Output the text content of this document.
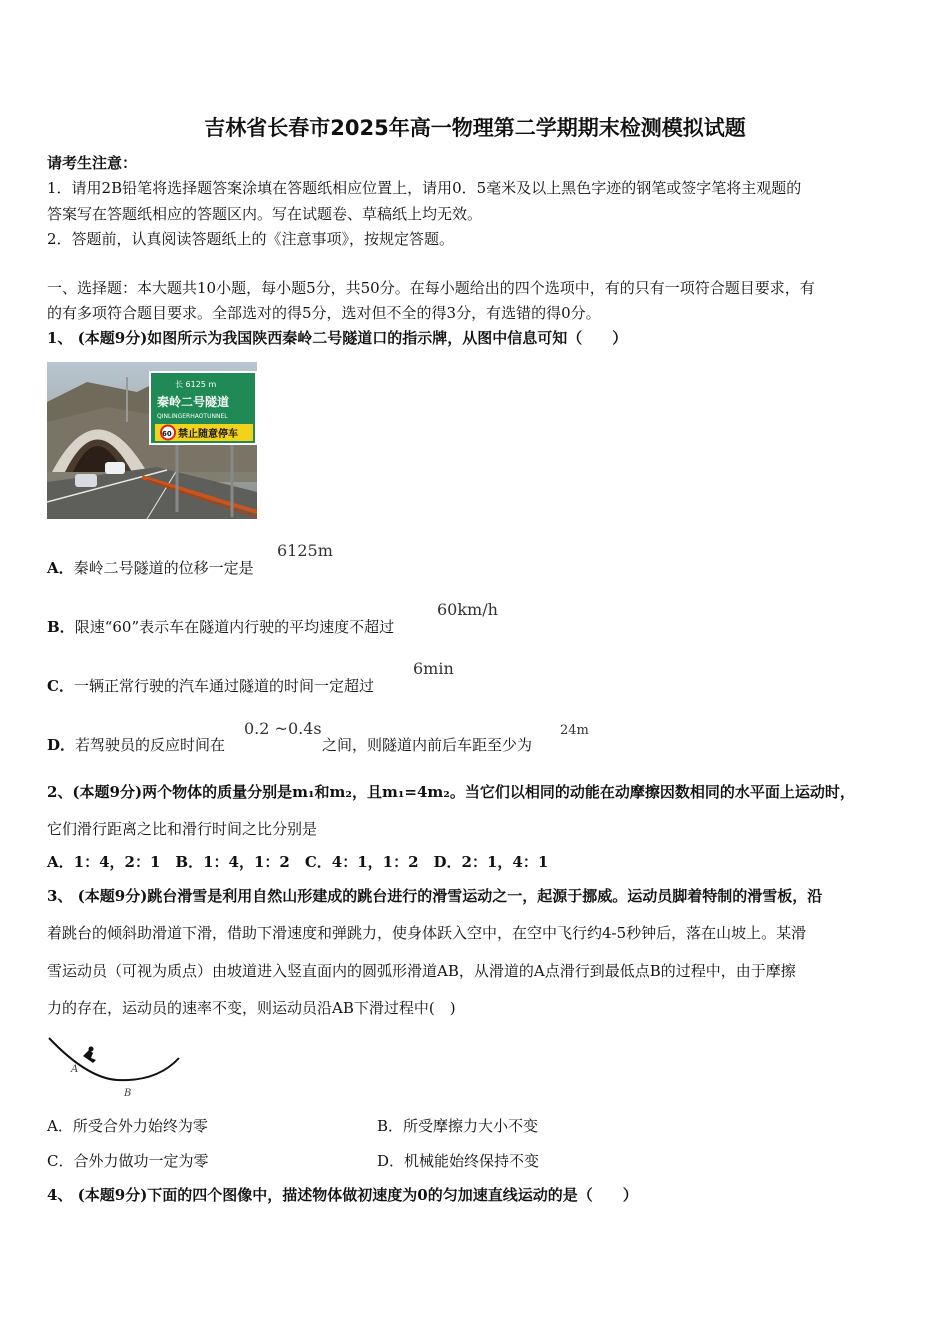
吉林省长春市2025年高一物理第二学期期末检测模拟试题
请考生注意：
1．请用2B铅笔将选择题答案涂填在答题纸相应位置上，请用0．5毫米及以上黑色字迹的钢笔或签字笔将主观题的
答案写在答题纸相应的答题区内。写在试题卷、草稿纸上均无效。
2．答题前，认真阅读答题纸上的《注意事项》，按规定答题。
一、选择题：本大题共10小题，每小题5分，共50分。在每小题给出的四个选项中，有的只有一项符合题目要求，有
的有多项符合题目要求。全部选对的得5分，选对但不全的得3分，有选错的得0分。
1、 (本题9分)如图所示为我国陕西秦岭二号隧道口的指示牌，从图中信息可知（　　）
长 6125 m
秦岭二号隧道
QINLINGERHAOTUNNEL
60 禁止随意停车
A．秦岭二号隧道的位移一定是
6125m
B．限速“60”表示车在隧道内行驶的平均速度不超过
60km/h
C．一辆正常行驶的汽车通过隧道的时间一定超过
6min
D．若驾驶员的反应时间在
0.2 ~0.4s
之间，则隧道内前后车距至少为
24m
2、(本题9分)两个物体的质量分别是m₁和m₂，且m₁=4m₂。当它们以相同的动能在动摩擦因数相同的水平面上运动时，
它们滑行距离之比和滑行时间之比分别是
A．1：4，2：1　B．1：4，1：2　C．4：1，1：2　D．2：1，4：1
3、 (本题9分)跳台滑雪是利用自然山形建成的跳台进行的滑雪运动之一，起源于挪威。运动员脚着特制的滑雪板，沿
着跳台的倾斜助滑道下滑，借助下滑速度和弹跳力，使身体跃入空中，在空中飞行约4-5秒钟后，落在山坡上。某滑
雪运动员（可视为质点）由坡道进入竖直面内的圆弧形滑道AB，从滑道的A点滑行到最低点B的过程中，由于摩擦
力的存在，运动员的速率不变，则运动员沿AB下滑过程中(　)
A
B
A．所受合外力始终为零	B．所受摩擦力大小不变
C．合外力做功一定为零	D．机械能始终保持不变
4、 (本题9分)下面的四个图像中，描述物体做初速度为0的匀加速直线运动的是（　　）
